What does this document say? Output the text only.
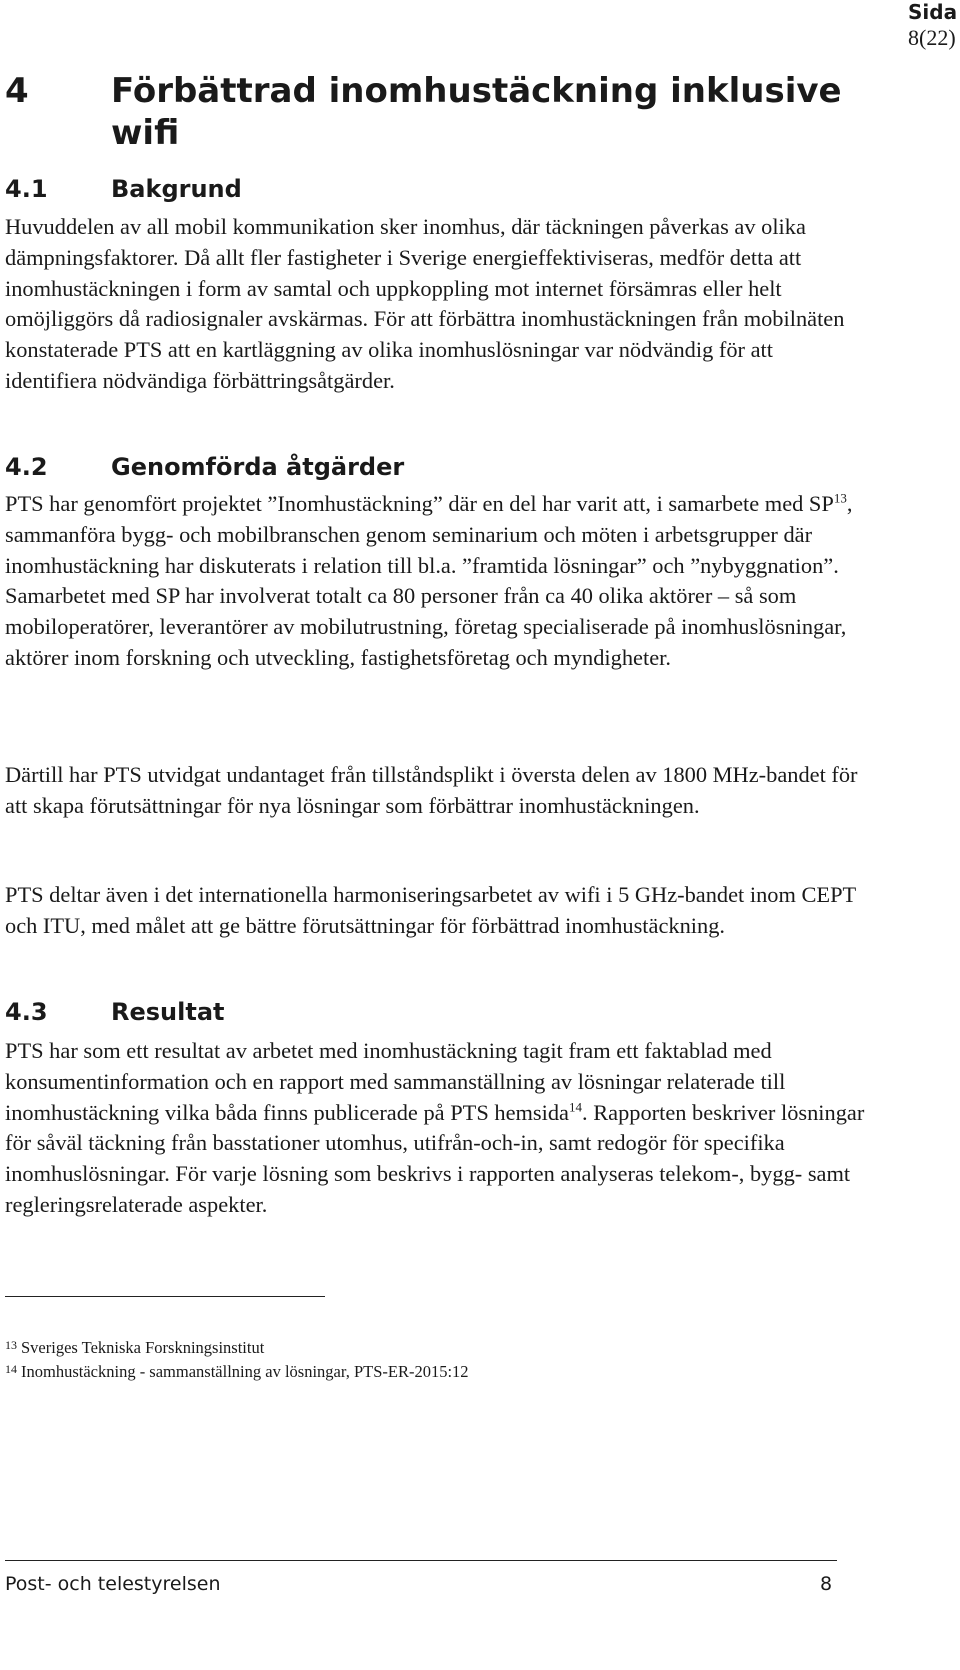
Sida
8(22)
4	Förbättrad inomhustäckning inklusive wifi
4.1	Bakgrund
Huvuddelen av all mobil kommunikation sker inomhus, där täckningen påverkas av olika dämpningsfaktorer. Då allt fler fastigheter i Sverige energieffektiviseras, medför detta att inomhustäckningen i form av samtal och uppkoppling mot internet försämras eller helt omöjliggörs då radiosignaler avskärmas. För att förbättra inomhustäckningen från mobilnäten konstaterade PTS att en kartläggning av olika inomhuslösningar var nödvändig för att identifiera nödvändiga förbättringsåtgärder.
4.2	Genomförda åtgärder
PTS har genomfört projektet ”Inomhustäckning” där en del har varit att, i samarbete med SP$^{13}$, sammanföra bygg- och mobilbranschen genom seminarium och möten i arbetsgrupper där inomhustäckning har diskuterats i relation till bl.a. ”framtida lösningar” och ”nybyggnation”. Samarbetet med SP har involverat totalt ca 80 personer från ca 40 olika aktörer – så som mobiloperatörer, leverantörer av mobilutrustning, företag specialiserade på inomhuslösningar, aktörer inom forskning och utveckling, fastighetsföretag och myndigheter.
Därtill har PTS utvidgat undantaget från tillståndsplikt i översta delen av 1800 MHz-bandet för att skapa förutsättningar för nya lösningar som förbättrar inomhustäckningen.
PTS deltar även i det internationella harmoniseringsarbetet av wifi i 5 GHz-bandet inom CEPT och ITU, med målet att ge bättre förutsättningar för förbättrad inomhustäckning.
4.3	Resultat
PTS har som ett resultat av arbetet med inomhustäckning tagit fram ett faktablad med konsumentinformation och en rapport med sammanställning av lösningar relaterade till inomhustäckning vilka båda finns publicerade på PTS hemsida$^{14}$. Rapporten beskriver lösningar för såväl täckning från basstationer utomhus, utifrån-och-in, samt redogör för specifika inomhuslösningar. För varje lösning som beskrivs i rapporten analyseras telekom-, bygg- samt regleringsrelaterade aspekter.
$^{13}$ Sveriges Tekniska Forskningsinstitut
$^{14}$ Inomhustäckning - sammanställning av lösningar, PTS-ER-2015:12
Post- och telestyrelsen	8
